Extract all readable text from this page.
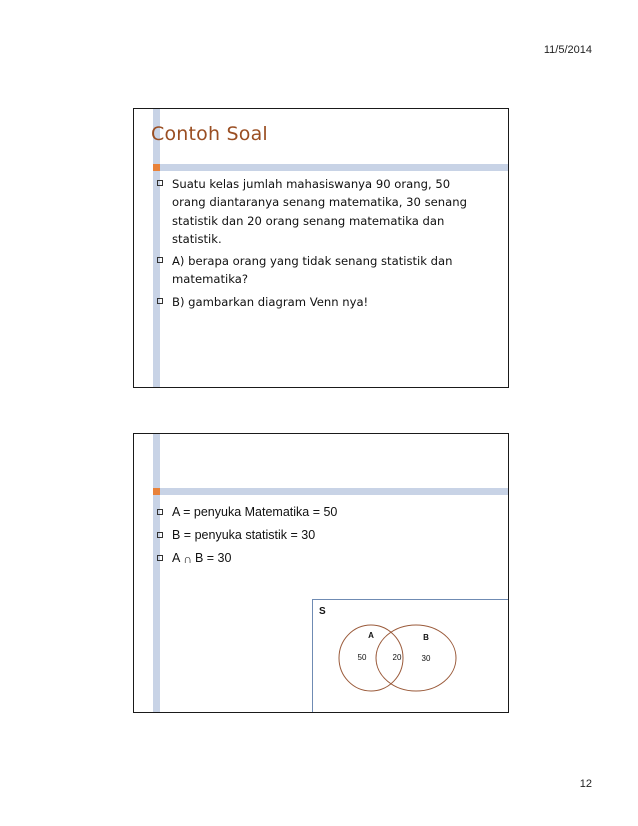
11/5/2014
Contoh Soal
Suatu kelas jumlah mahasiswanya 90 orang, 50 orang diantaranya senang matematika, 30 senang statistik dan 20 orang senang matematika dan statistik.
A) berapa orang yang tidak senang statistik dan matematika?
B) gambarkan diagram Venn nya!
A = penyuka Matematika = 50
B = penyuka statistik = 30
A ∩ B = 30
S
A	B
50	20	30
12
